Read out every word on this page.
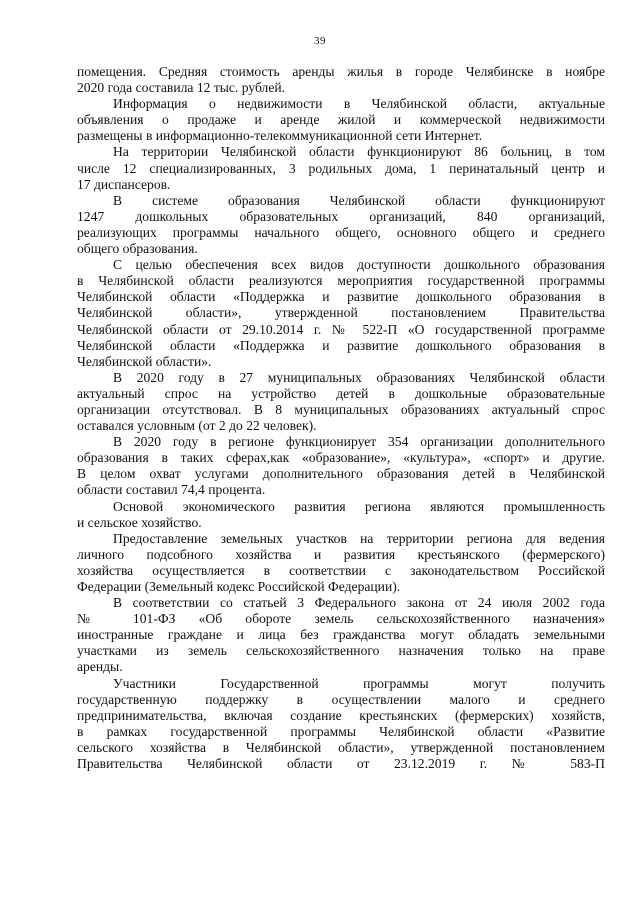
39
помещения. Средняя стоимость аренды жилья в городе Челябинске в ноябре
2020 года составила 12 тыс. рублей.
Информация о недвижимости в Челябинской области, актуальные
объявления о продаже и аренде жилой и коммерческой недвижимости
размещены в информационно-телекоммуникационной сети Интернет.
На территории Челябинской области функционируют 86 больниц, в том
числе 12 специализированных, 3 родильных дома, 1 перинатальный центр и
17 диспансеров.
В системе образования Челябинской области функционируют
1247 дошкольных образовательных организаций, 840 организаций,
реализующих программы начального общего, основного общего и среднего
общего образования.
С целью обеспечения всех видов доступности дошкольного образования
в Челябинской области реализуются мероприятия государственной программы
Челябинской области «Поддержка и развитие дошкольного образования в
Челябинской области», утвержденной постановлением Правительства
Челябинской области от 29.10.2014 г. № 522-П «О государственной программе
Челябинской области «Поддержка и развитие дошкольного образования в
Челябинской области».
В 2020 году в 27 муниципальных образованиях Челябинской области
актуальный спрос на устройство детей в дошкольные образовательные
организации отсутствовал. В 8 муниципальных образованиях актуальный спрос
оставался условным (от 2 до 22 человек).
В 2020 году в регионе функционирует 354 организации дополнительного
образования в таких сферах,как «образование», «культура», «спорт» и другие.
В целом охват услугами дополнительного образования детей в Челябинской
области составил 74,4 процента.
Основой экономического развития региона являются промышленность
и сельское хозяйство.
Предоставление земельных участков на территории региона для ведения
личного подсобного хозяйства и развития крестьянского (фермерского)
хозяйства осуществляется в соответствии с законодательством Российской
Федерации (Земельный кодекс Российской Федерации).
В соответствии со статьей 3 Федерального закона от 24 июля 2002 года
№ 101-ФЗ «Об обороте земель сельскохозяйственного назначения»
иностранные граждане и лица без гражданства могут обладать земельными
участками из земель сельскохозяйственного назначения только на праве
аренды.
Участники Государственной программы могут получить
государственную поддержку в осуществлении малого и среднего
предпринимательства, включая создание крестьянских (фермерских) хозяйств,
в рамках государственной программы Челябинской области «Развитие
сельского хозяйства в Челябинской области», утвержденной постановлением
Правительства Челябинской области от 23.12.2019 г. № 583-П
